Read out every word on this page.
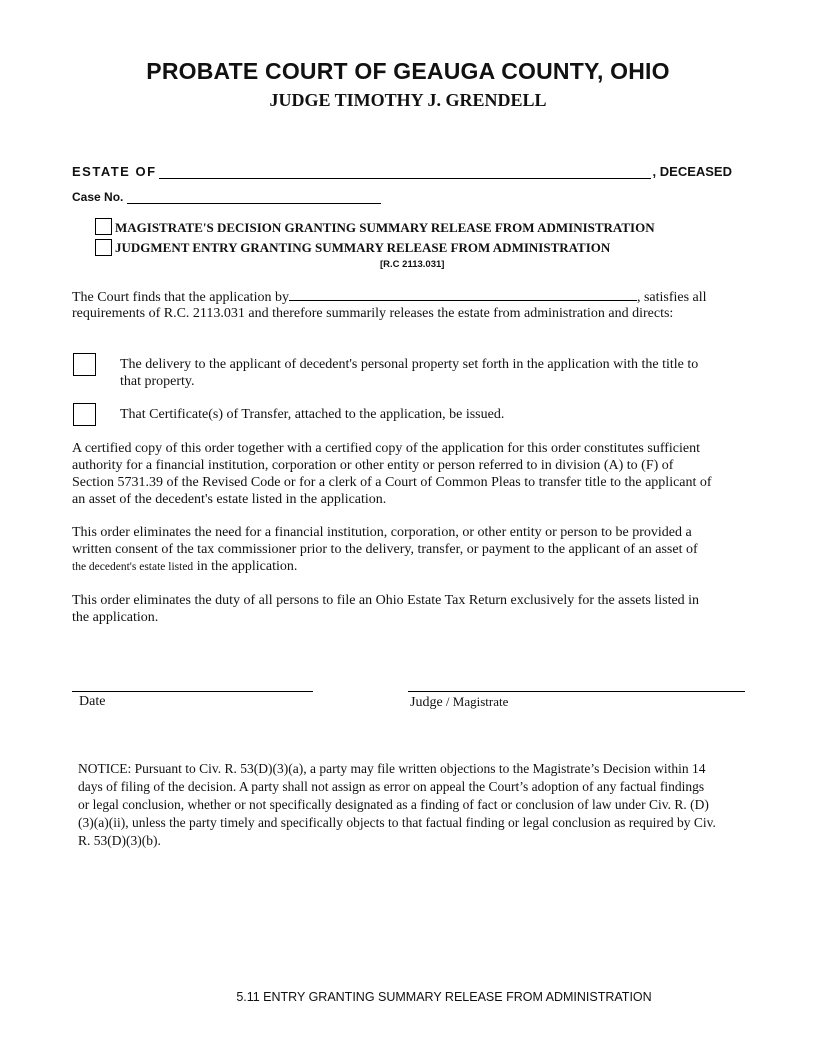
PROBATE COURT OF GEAUGA COUNTY, OHIO
JUDGE TIMOTHY J. GRENDELL
ESTATE OF	, DECEASED
Case No.
MAGISTRATE'S DECISION GRANTING SUMMARY RELEASE FROM ADMINISTRATION
JUDGMENT ENTRY GRANTING SUMMARY RELEASE FROM ADMINISTRATION
[R.C 2113.031]
The Court finds that the application by	, satisfies all
requirements of R.C. 2113.031 and therefore summarily releases the estate from administration and directs:
The delivery to the applicant of decedent's personal property set forth in the application with the title to
that property.
That Certificate(s) of Transfer, attached to the application, be issued.
A certified copy of this order together with a certified copy of the application for this order constitutes sufficient
authority for a financial institution, corporation or other entity or person referred to in division (A) to (F) of
Section 5731.39 of the Revised Code or for a clerk of a Court of Common Pleas to transfer title to the applicant of
an asset of the decedent's estate listed in the application.
This order eliminates the need for a financial institution, corporation, or other entity or person to be provided a
written consent of the tax commissioner prior to the delivery, transfer, or payment to the applicant of an asset of
the decedent's estate listed in the application.
This order eliminates the duty of all persons to file an Ohio Estate Tax Return exclusively for the assets listed in
the application.
Date	Judge / Magistrate
NOTICE: Pursuant to Civ. R. 53(D)(3)(a), a party may file written objections to the Magistrate’s Decision within 14
days of filing of the decision. A party shall not assign as error on appeal the Court’s adoption of any factual findings
or legal conclusion, whether or not specifically designated as a finding of fact or conclusion of law under Civ. R. (D)
(3)(a)(ii), unless the party timely and specifically objects to that factual finding or legal conclusion as required by Civ.
R. 53(D)(3)(b).
5.11 ENTRY GRANTING SUMMARY RELEASE FROM ADMINISTRATION
